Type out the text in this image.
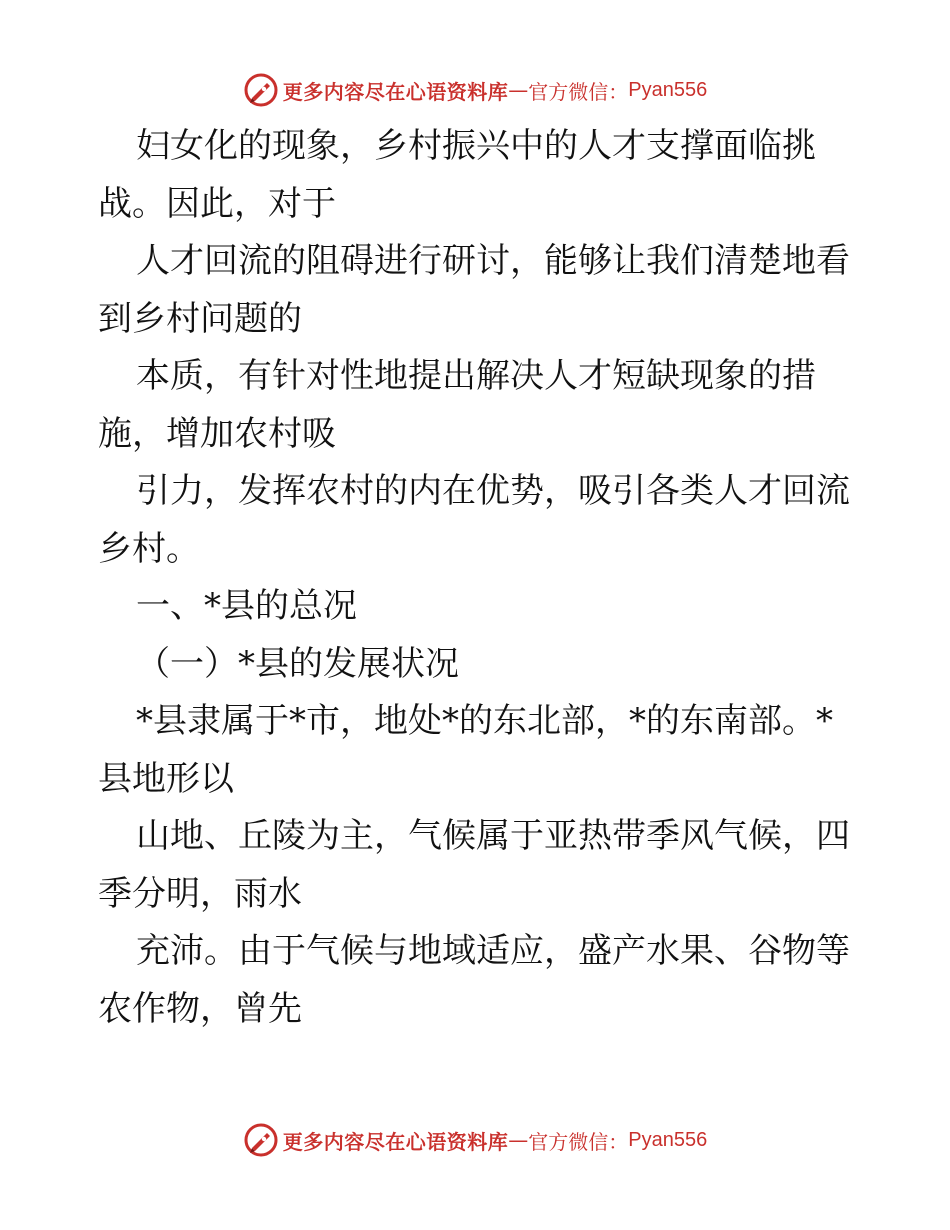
更多内容尽在心语资料库 — 官方微信： Pyan556

妇女化的现象，乡村振兴中的人才支撑面临挑

战。因此，对于

人才回流的阻碍进行研讨，能够让我们清楚地看

到乡村问题的

本质，有针对性地提出解决人才短缺现象的措

施，增加农村吸

引力，发挥农村的内在优势，吸引各类人才回流

乡村。

一、*县的总况

（一）*县的发展状况

*县隶属于*市，地处*的东北部，*的东南部。*

县地形以

山地、丘陵为主，气候属于亚热带季风气候，四

季分明，雨水

充沛。由于气候与地域适应，盛产水果、谷物等

农作物，曾先

更多内容尽在心语资料库 — 官方微信： Pyan556
